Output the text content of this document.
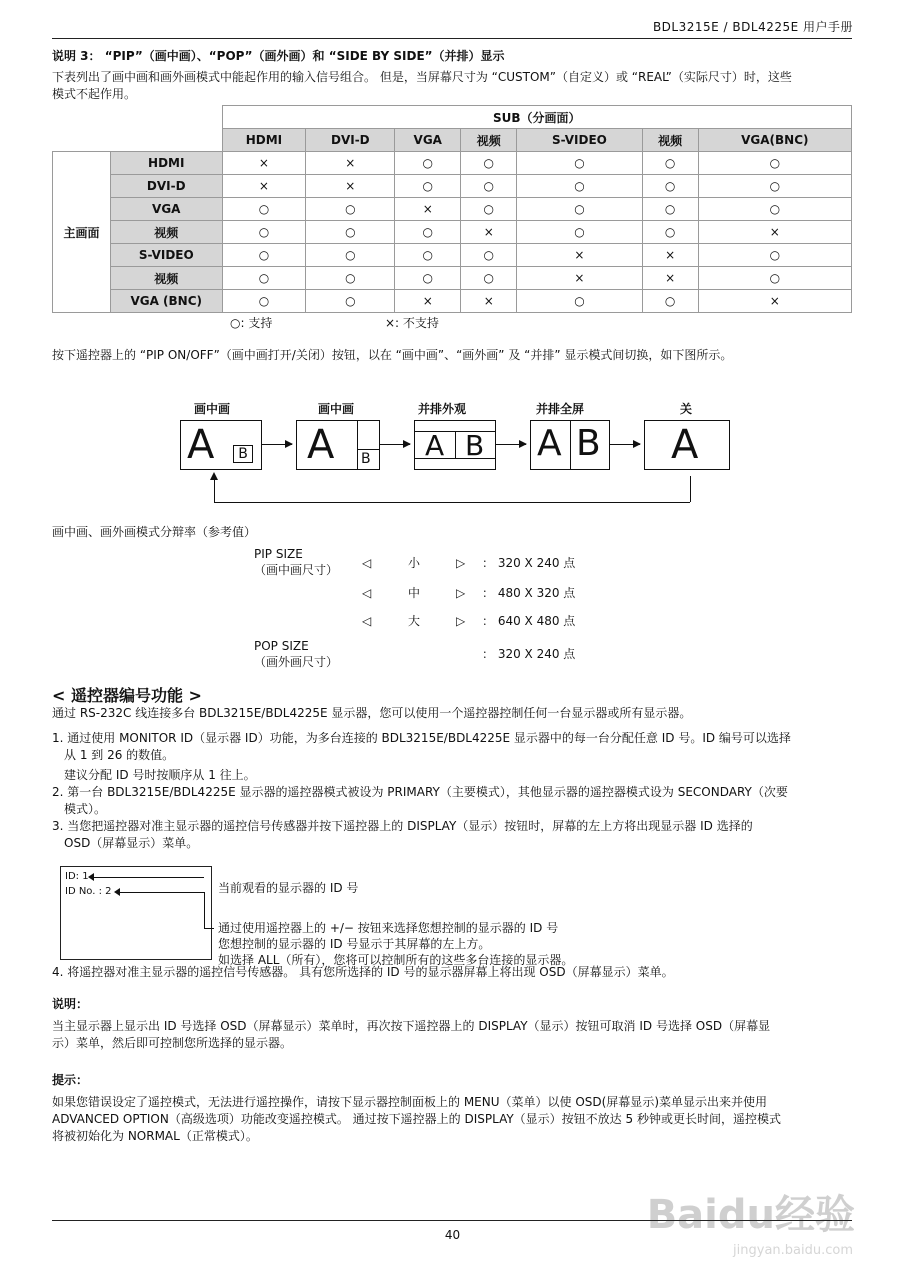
BDL3215E / BDL4225E 用户手册
说明 3： “PIP”（画中画）、“POP”（画外画）和 “SIDE BY SIDE”（并排）显示
下表列出了画中画和画外画模式中能起作用的输入信号组合。 但是，当屏幕尺寸为 “CUSTOM”（自定义）或 “REAL”（实际尺寸）时，这些
模式不起作用。
		SUB（分画面）						
		HDMI	DVI-D	VGA	视频	S-VIDEO	视频	VGA(BNC)
主画面	HDMI	×	×	○	○	○	○	○
	DVI-D	×	×	○	○	○	○	○
	VGA	○	○	×	○	○	○	○
	视频	○	○	○	×	○	○	×
	S-VIDEO	○	○	○	○	×	×	○
	视频	○	○	○	○	×	×	○
	VGA (BNC)	○	○	×	×	○	○	×
○: 支持	×: 不支持
按下遥控器上的 “PIP ON/OFF”（画中画打开/关闭）按钮，以在 “画中画”、“画外画” 及 “并排” 显示模式间切换，如下图所示。
画中画	画中画	并排外观	并排全屏	关
A	B A B A B A B A
画中画、画外画模式分辩率（参考值）
PIP SIZE
（画中画尺寸） ◁	小	▷ ： 320 X 240 点
◁	中	▷ ： 480 X 320 点
◁	大	▷ ： 640 X 480 点
POP SIZE
（画外画尺寸）
： 320 X 240 点
< 遥控器编号功能 >
通过 RS-232C 线连接多台 BDL3215E/BDL4225E 显示器，您可以使用一个遥控器控制任何一台显示器或所有显示器。
1. 通过使用 MONITOR ID（显示器 ID）功能，为多台连接的 BDL3215E/BDL4225E 显示器中的每一台分配任意 ID 号。ID 编号可以选择
从 1 到 26 的数值。
建议分配 ID 号时按顺序从 1 往上。
2. 第一台 BDL3215E/BDL4225E 显示器的遥控器模式被设为 PRIMARY（主要模式），其他显示器的遥控器模式设为 SECONDARY（次要
模式）。
3. 当您把遥控器对准主显示器的遥控信号传感器并按下遥控器上的 DISPLAY（显示）按钮时，屏幕的左上方将出现显示器 ID 选择的
OSD（屏幕显示）菜单。
ID: 1
ID No. : 2	当前观看的显示器的 ID 号
通过使用遥控器上的 +/− 按钮来选择您想控制的显示器的 ID 号
您想控制的显示器的 ID 号显示于其屏幕的左上方。
如选择 ALL（所有），您将可以控制所有的这些多台连接的显示器。
4. 将遥控器对准主显示器的遥控信号传感器。 具有您所选择的 ID 号的显示器屏幕上将出现 OSD（屏幕显示）菜单。
说明：
当主显示器上显示出 ID 号选择 OSD（屏幕显示）菜单时，再次按下遥控器上的 DISPLAY（显示）按钮可取消 ID 号选择 OSD（屏幕显
示）菜单，然后即可控制您所选择的显示器。
提示：
如果您错误设定了遥控模式，无法进行遥控操作，请按下显示器控制面板上的 MENU（菜单）以使 OSD(屏幕显示)菜单显示出来并使用
ADVANCED OPTION（高级选项）功能改变遥控模式。 通过按下遥控器上的 DISPLAY（显示）按钮不放达 5 秒钟或更长时间，遥控模式
将被初始化为 NORMAL（正常模式）。
Baidu经验
jingyan.baidu.com
40
